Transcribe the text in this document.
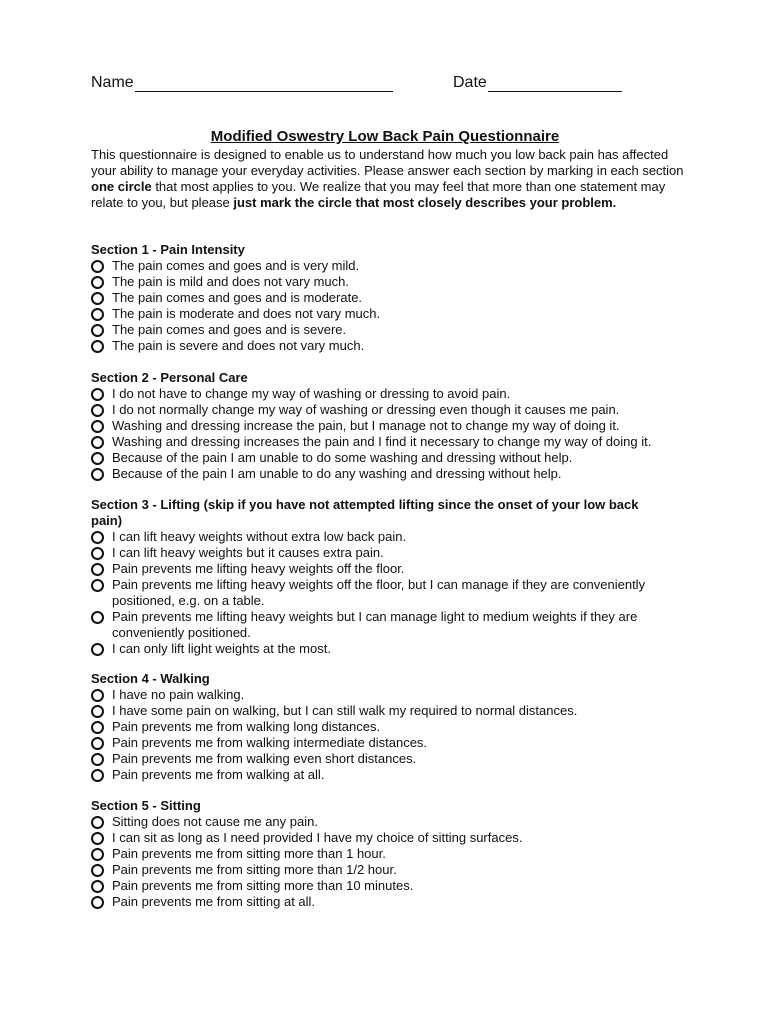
Name	Date
Modified Oswestry Low Back Pain Questionnaire
This questionnaire is designed to enable us to understand how much you low back pain has affected your ability to manage your everyday activities. Please answer each section by marking in each section one circle that most applies to you. We realize that you may feel that more than one statement may relate to you, but please just mark the circle that most closely describes your problem.

Section 1 - Pain Intensity

The pain comes and goes and is very mild.

The pain is mild and does not vary much.

The pain comes and goes and is moderate.

The pain is moderate and does not vary much.

The pain comes and goes and is severe.

The pain is severe and does not vary much.

Section 2 - Personal Care

I do not have to change my way of washing or dressing to avoid pain.

I do not normally change my way of washing or dressing even though it causes me pain.

Washing and dressing increase the pain, but I manage not to change my way of doing it.

Washing and dressing increases the pain and I find it necessary to change my way of doing it.

Because of the pain I am unable to do some washing and dressing without help.

Because of the pain I am unable to do any washing and dressing without help.

Section 3 - Lifting (skip if you have not attempted lifting since the onset of your low back pain)

I can lift heavy weights without extra low back pain.

I can lift heavy weights but it causes extra pain.

Pain prevents me lifting heavy weights off the floor.

Pain prevents me lifting heavy weights off the floor, but I can manage if they are conveniently positioned, e.g. on a table.

Pain prevents me lifting heavy weights but I can manage light to medium weights if they are conveniently positioned.

I can only lift light weights at the most.

Section 4 - Walking

I have no pain walking.

I have some pain on walking, but I can still walk my required to normal distances.

Pain prevents me from walking long distances.

Pain prevents me from walking intermediate distances.

Pain prevents me from walking even short distances.

Pain prevents me from walking at all.

Section 5 - Sitting

Sitting does not cause me any pain.

I can sit as long as I need provided I have my choice of sitting surfaces.

Pain prevents me from sitting more than 1 hour.

Pain prevents me from sitting more than 1/2 hour.

Pain prevents me from sitting more than 10 minutes.

Pain prevents me from sitting at all.
